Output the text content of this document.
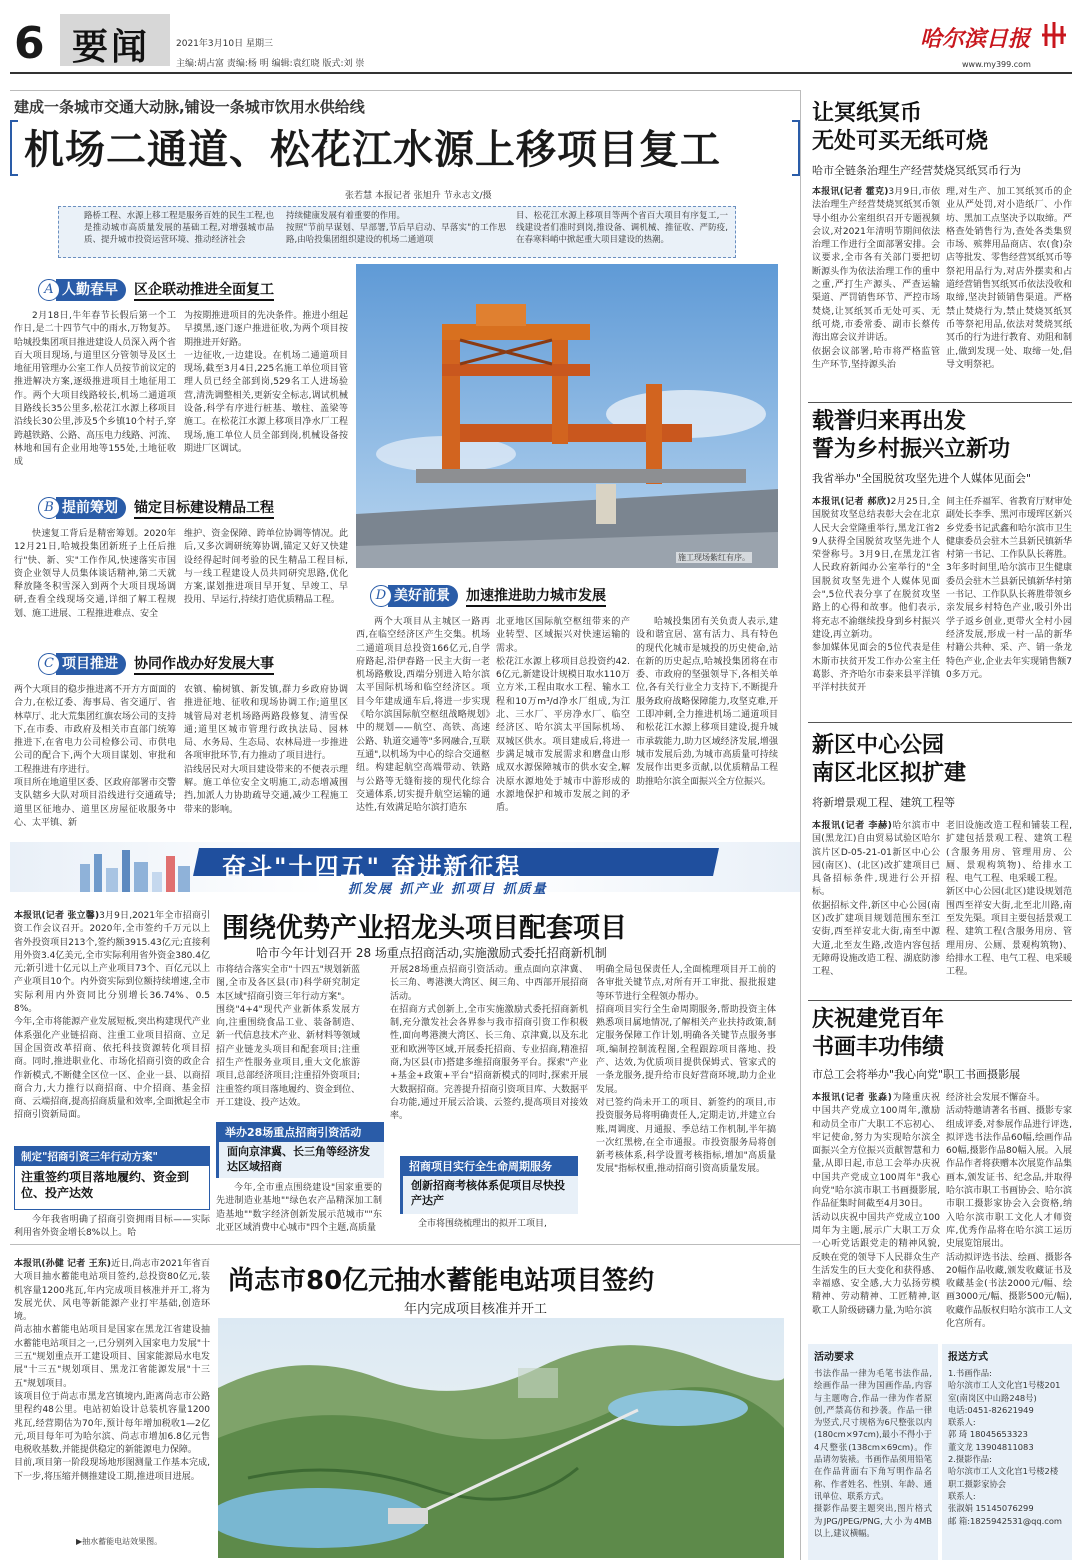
6 要闻	2021年3月10日 星期三
主编:胡占富 责编:杨 明 编辑:袁红晓 版式:刘 崇
哈尔滨日报
www.my399.com
建成一条城市交通大动脉,铺设一条城市饮用水供给线
机场二通道、松花江水源上移项目复工
张若慧 本报记者 张旭升 节永志文/摄
路桥工程、水源上移工程是服务百姓的民生工程,也是推动城市高质量发展的基础工程,对增强城市品质、提升城市投资运营环境、推动经济社会
持续健康发展有着重要的作用。
按照"节前早谋划、早部署,节后早启动、早落实"的工作思路,由哈投集团组织建设的机场二通道项
目、松花江水源上移项目等两个省百大项目有序复工,一线建设者们准时到岗,推设备、调机械、推征收、严防疫,在春寒料峭中掀起重大项目建设的热潮。
A 人勤春早	区企联动推进全面复工
2月18日,牛年春节长假后第一个工作日,是二十四节气中的雨水,万物复苏。哈城投集团项目推进建设人员深入两个省百大项目现场,与道里区分管领导及区土地征用管理办公室工作人员按节前议定的推进解决方案,逐级推进项目土地征用工作。两个大项目线路较长,机场二通道项目路线长35公里多,松花江水源上移项目沿线长30公里,涉及5个乡镇10个村子,穿跨越铁路、公路、高压电力线路、河流、林地和国有企业用地等155处,土地征收成
为按期推进项目的先决条件。推进小组起早摸黑,逐门逐户推进征收,为两个项目按期推进开好路。
一边征收,一边建设。在机场二通道项目现场,截至3月4日,225名施工单位项目管理人员已经全部到岗,529名工人进场验营,清洗调整相关,更新安全标志,调试机械设备,科学有序进行桩基、墩柱、盖梁等施工。在松花江水源上移项目净水厂工程现场,施工单位人员全部到岗,机械设备按期进厂区调试。
施工现场紫红有序。
B 提前筹划	锚定目标建设精品工程
快速复工背后是精密筹划。2020年12月21日,哈城投集团新班子上任后推行"快、新、实"工作作风,快速落实市国资企业领导人员集体谈话精神,第二天就释放隆冬积雪深入到两个大项目现场调研,查看全线现场交通,详细了解工程规划、施工进展、工程推进难点、安全
维护、资金保障、跨单位协调等情况。此后,又多次调研统筹协调,锚定又好又快建设经得起时间考验的民生精品工程目标,与一线工程建设人员共同研究思路,优化方案,谋划推进项目早开复、早竣工、早投用、早运行,持续打造优质精品工程。
C 项目推进	协同作战办好发展大事
两个大项目的稳步推进离不开方方面面的合力,在松辽委、海事局、省交通厅、省林草厅、北大荒集团红旗农场公司的支持下,在市委、市政府及相关市直部门统筹推进下,在省电力公司检修公司、市供电公司的配合下,两个大项目谋划、审批和工程推进有序进行。
项目所在地道里区委、区政府部署市交警支队辖乡大队对项目沿线进行交通疏导;道里区征地办、道里区房屋征收服务中心、太平镇、新
农镇、榆树镇、新发镇,群力乡政府协调推进征地、征收和现场协调工作;道里区城管局对老机场路两路段修复、清雪保通;道里区城市管理行政执法局、园林局、水务局、生态局、农林局进一步推进各项审批环节,有力推动了项目进行。
沿线居民对大项目建设带来的不便表示理解。施工单位安全文明施工,动态增减围挡,加派人力协助疏导交通,减少工程施工带来的影响。
D 美好前景	加速推进助力城市发展
两个大项目从主城区一路再西,在临空经济区产生交集。机场二通道项目总投资166亿元,自学府路起,沿伊春路一民主大街一老机场路敷设,西端分别进入哈尔滨太平国际机场和临空经济区。项目今年建成通车后,将进一步实现《哈尔滨国际航空枢纽战略规划》中的规划——航空、高铁、高速公路、轨道交通等"多网融合,互联互通",以机场为中心的综合交通枢纽。构建起航空高端带动、铁路与公路等无缝衔接的现代化综合交通体系,切实提升航空运输的通达性,有效满足哈尔滨打造东
北亚地区国际航空枢纽带来的产业转型、区域振兴对快速运输的需求。
松花江水源上移项目总投资约42.6亿元,新建设计规模日取水110万立方米,工程由取水工程、输水工程和10万m³/d净水厂组成,为江北、三水厂、平房净水厂、临空经济区、哈尔滨太平国际机场、双城区供水。项目建成后,将进一步满足城市发展需求和磨盘山形成双水源保障城市的供水安全,解决原水源地处于城市中游形成的水源地保护和城市发展之间的矛盾。
哈城投集团有关负责人表示,建设和谐宜居、富有活力、具有特色的现代化城市是城投的历史使命,站在新的历史起点,哈城投集团将在市委、市政府的坚强领导下,各相关单位,各有关行业全力支持下,不断提升服务政府战略保障能力,攻坚克难,开工即冲刺,全力推进机场二通道项目和松花江水源上移项目建设,提升城市承载能力,助力区域经济发展,增强城市发展后劲,为城市高质量可持续发展作出更多贡献,以优质精品工程助推哈尔滨全面振兴全方位振兴。
奋斗"十四五" 奋进新征程
抓发展 抓产业 抓项目 抓质量
围绕优势产业招龙头项目配套项目
哈市今年计划召开 28 场重点招商活动,实施激励式委托招商新机制
本报讯(记者 张立馨)3月9日,2021年全市招商引资工作会议召开。2020年,全市签约千万元以上省外投资项目213个,签约额3915.43亿元;直接利用外资3.4亿美元,全市实际利用省外资金380.4亿元;新引进十亿元以上产业项目73个、百亿元以上产业项目10个。内外资实际到位额持续增速,全市实际利用内外资同比分别增长36.74%、0.58%。
今年,全市将能源产业发展短板,突出构建现代产业体系强化产业链招商、注重工业项目招商、立足国企国资改革招商、依托科技资源转化项目招商。同时,推进职业化、市场化招商引资的政企合作新模式,不断健全区位一区、企业一县、以商招商合力,大力推行以商招商、中介招商、基金招商、云端招商,提高招商质量和效率,全面掀起全市招商引资新局面。
制定"招商引资三年行动方案"
注重签约项目落地履约、资金到位、投产达效
今年我省明确了招商引资拥雨目标——实际利用省外资金增长8%以上。哈
市将结合落实全市"十四五"规划新蓝图,全市及各区县(市)科学研究制定本区域"招商引资三年行动方案"。
围绕"4+4"现代产业新体系发展方向,注重围绕食品工业、装备制造、新一代信息技术产业、新材料等领域招产业链龙头项目和配套项目;注重招生产性服务业项目,重大文化旅游项目,总部经济项目;注重招外资项目;注重签约项目落地履约、资金到位、开工建设、投产达效。
举办28场重点招商引资活动
面向京津冀、长三角等经济发达区域招商
今年,全市重点围绕建设"国家重要的先进制造业基地""绿色农产品精深加工制造基地""数字经济创新发展示范城市""东北亚区域消费中心城市"四个主题,高质量
开展28场重点招商引资活动。重点面向京津冀、长三角、粤港澳大湾区、闽三角、中西部开展招商活动。
在招商方式创新上,全市实施激励式委托招商新机制,充分激发社会各界参与我市招商引资工作积极性,面向粤港澳大湾区、长三角、京津冀,以及东北亚和欧洲等区域,开展委托招商、专业招商,精准招商,为区县(市)搭建多维招商服务平台。探索"产业+基金+政策+平台"招商新模式的同时,探索开展大数据招商。完善提升招商引资项目库、大数据平台功能,通过开展云洽谈、云签约,提高项目对接效率。
招商项目实行全生命周期服务
创新招商考核体系促项目尽快投产达产
全市将围绕梳理出的拟开工项目,
明确全局包保责任人,全面梳理项目开工前的各审批关键节点,对所有开工审批、报批报建等环节进行全程领办帮办。
招商项目实行全生命周期服务,帮助投资主体熟悉项目属地情况,了解相关产业扶持政策,制定服务保障工作计划,明确各关键节点服务事项,编制控制流程图,全程跟踪项目落地、投产、达效,为优质项目提供保姆式、管家式的一条龙服务,提升给市良好营商环境,助力企业发展。
对已签约尚未开工的项目、新签约的项目,市投资服务局将明确责任人,定期走访,并建立台账,周调度、月通报、季总结工作机制,半年搞一次红黑榜,在全市通报。市投资服务局将创新考核体系,科学设置考核指标,增加"高质量发展"指标权重,推动招商引资高质量发展。
尚志市80亿元抽水蓄能电站项目签约
年内完成项目核准并开工
本报讯(孙健 记者 王东)近日,尚志市2021年省百大项目抽水蓄能电站项目签约,总投资80亿元,装机容量1200兆瓦,年内完成项目核准并开工,将为发展光伏、风电等新能源产业打牢基础,创造环境。
尚志抽水蓄能电站项目是国家在黑龙江省建设抽水蓄能电站项目之一,已分别列入国家电力发展"十三五"规划重点开工建设项目、国家能源局水电发展"十三五"规划项目、黑龙江省能源发展"十三五"规划项目。
该项目位于尚志市黑龙宫镇境内,距离尚志市公路里程约48公里。电站初始设计总装机容量1200兆瓦,经营期估为70年,预计每年增加税收1—2亿元,项目每年可为哈尔滨、尚志市增加6.8亿元售电税收基数,并能提供稳定的新能源电力保障。
目前,项目第一阶段现场地形图测量工作基本完成,下一步,将压缩并侧推建设工期,推进项目进展。
▶抽水蓄能电站效果图。
让冥纸冥币
无处可买无纸可烧
哈市全链条治理生产经营焚烧冥纸冥币行为
本报讯(记者 霍克)3月9日,市依法治理生产经营焚烧冥纸冥币领导小组办公室组织召开专题视频会议,对2021年清明节期间依法治理工作进行全面部署安排。会议要求,全市各有关部门要把切断源头作为依法治理工作的重中之重,严打生产源头、严查运输渠道、严罚销售环节、严控市场焚烧,让冥纸冥币无处可买、无纸可烧,市委常委、副市长蔡传海出席会议并讲话。
依据会议部署,哈市将严格监管生产环节,坚持源头治
理,对生产、加工冥纸冥币的企业从严处罚,对小造纸厂、小作坊、黑加工点坚决予以取缔。严格查处销售行为,查处各类集贸市场、殡葬用品商店、农(食)杂店等批发、零售经营冥纸冥币等祭祀用品行为,对店外摆卖和占道经营销售冥纸冥币依法没收和取缔,坚决封锁销售渠道。严格禁止焚烧行为,禁止焚烧冥纸冥币等祭祀用品,依法对焚烧冥纸冥币的行为进行教育、劝阻和制止,做到发现一处、取缔一处,倡导文明祭祀。
载誉归来再出发
誓为乡村振兴立新功
我省举办"全国脱贫攻坚先进个人媒体见面会"
本报讯(记者 郝欣)2月25日,全国脱贫攻坚总结表彰大会在北京人民大会堂隆重举行,黑龙江省29人获得全国脱贫攻坚先进个人荣誉称号。3月9日,在黑龙江省人民政府新闻办公室举行的"全国脱贫攻坚先进个人媒体见面会",5位代表分享了在脱贫攻坚路上的心得和故事。他们表示,将充志不渝继续投身到乡村振兴建设,再立新功。
参加媒体见面会的5位代表是佳木斯市扶贫开发工作办公室主任葛影、齐齐哈尔市泰来县平洋镇平洋村扶贫开
间主任乔福军、省教育厅财审处副处长李季、黑河市瑷珲区新兴乡党委书记武鑫和哈尔滨市卫生健康委员会驻木兰县新民镇新华村第一书记、工作队队长蒋胜。
3年多时间里,哈尔滨市卫生健康委员会驻木兰县新民镇新华村第一书记、工作队队长蒋胜带领乡亲发展乡村特色产业,吸引外出学子返乡创业,更带火全村小园经济发展,形成一村一品的新华村籍公共种、采、产、销一条龙特色产业,企业去年实现销售额70多万元。
新区中心公园
南区北区拟扩建
将新增景观工程、建筑工程等
本报讯(记者 李赫)哈尔滨市中国(黑龙江)自由贸易试验区哈尔滨片区D-05-21-01新区中心公园(南区)、(北区)改扩建项目已具备招标条件,现进行公开招标。
依据招标文件,新区中心公园(南区)改扩建项目规划范围东至江安街,西至祥安北大街,南至中源大道,北至友生路,改造内容包括无障碍设施改造工程、湖底防渗工程、
老旧设施改造工程和铺装工程,扩建包括景观工程、建筑工程(含服务用房、管理用房、公厕、景观构筑物)、给排水工程、电气工程、电采暖工程。
新区中心公园(北区)建设规划范围西至祥安大街,北至北川路,南至发先渠。项目主要包括景观工程、建筑工程(含服务用房、管理用房、公厕、景观构筑物)、给排水工程、电气工程、电采暖工程。
庆祝建党百年
书画丰功伟绩
市总工会将举办"我心向党"职工书画摄影展
本报讯(记者 张淼)为隆重庆祝中国共产党成立100周年,激励和动员全市广大职工不忘初心、牢记使命,努力为实现哈尔滨全面振兴全方位振兴贡献智慧和力量,从即日起,市总工会举办庆祝中国共产党成立100周年"我心向党"哈尔滨市职工书画摄影展,作品征集时间截至4月30日。
活动以庆祝中国共产党成立100周年为主题,展示广大职工万众一心听党话跟党走的精神风貌,反映在党的领导下人民群众生产生活发生的巨大变化和获得感、幸福感、安全感,大力弘扬劳模精神、劳动精神、工匠精神,讴歌工人阶级磅礴力量,为哈尔滨
经济社会发展不懈奋斗。
活动特邀请著名书画、摄影专家组成评委,对参展作品进行评选,拟评选书法作品60幅,绘画作品60幅,摄影作品80幅入展。入展作品作者将获赠本次展览作品集画本,颁发证书、纪念品,并取得哈尔滨市职工书画协会、哈尔滨市职工摄影家协会入会资格,纳入哈尔滨市职工文化人才师资库,优秀作品将在哈尔滨工运历史展览馆展出。
活动拟评选书法、绘画、摄影各20幅作品收藏,颁发收藏证书及收藏基金(书法2000元/幅、绘画3000元/幅、摄影500元/幅),收藏作品版权归哈尔滨市工人文化宫所有。
活动要求
书法作品一律为毛笔书法作品,绘画作品一律为国画作品,内容与主题吻合,作品一律为作者原创,严禁高仿和抄袭。作品一律为竖式,尺寸规格为6尺整张以内(180cm×97cm),最小不得小于4尺整张(138cm×69cm)。作品请勿装裱。书画作品须用铅笔在作品背面右下角写明作品名称、作者姓名、性别、年龄、通讯单位、联系方式。
摄影作品要主题突出,图片格式为JPG/JPEG/PNG,大小为4MB以上,建议横幅。
报送方式
1.书画作品:
哈尔滨市工人文化宫1号楼201室(南岗区中山路248号)
电话:0451-82621949
联系人:
郭 琦 18045653323
董文龙 13904811083
2.摄影作品:
哈尔滨市工人文化宫1号楼2楼职工摄影家协会
联系人:
张淑娟 15145076299
邮 箱:1825942531@qq.com
